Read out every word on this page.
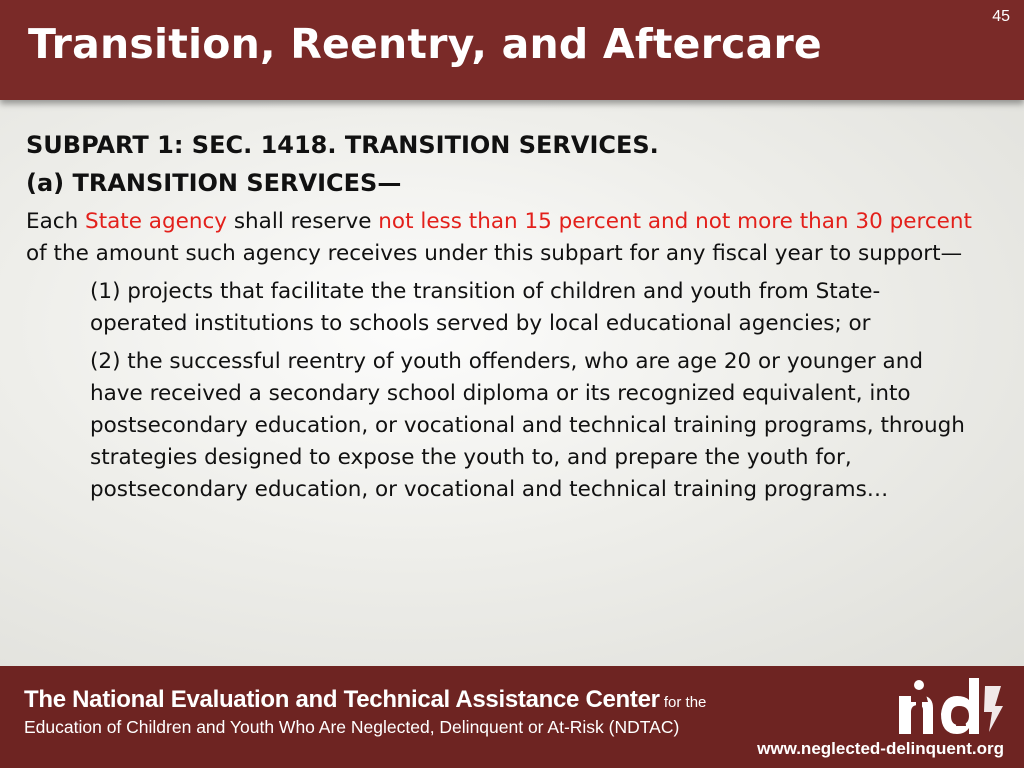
Transition, Reentry, and Aftercare
45
SUBPART 1: SEC. 1418. TRANSITION SERVICES.
(a) TRANSITION SERVICES—

Each State agency shall reserve not less than 15 percent and not more than 30 percent of the amount such agency receives under this subpart for any fiscal year to support—

(1) projects that facilitate the transition of children and youth from State-operated institutions to schools served by local educational agencies; or
(2) the successful reentry of youth offenders, who are age 20 or younger and have received a secondary school diploma or its recognized equivalent, into postsecondary education, or vocational and technical training programs, through strategies designed to expose the youth to, and prepare the youth for, postsecondary education, or vocational and technical training programs…
The National Evaluation and Technical Assistance Center for the
Education of Children and Youth Who Are Neglected, Delinquent or At-Risk (NDTAC)
www.neglected-delinquent.org
